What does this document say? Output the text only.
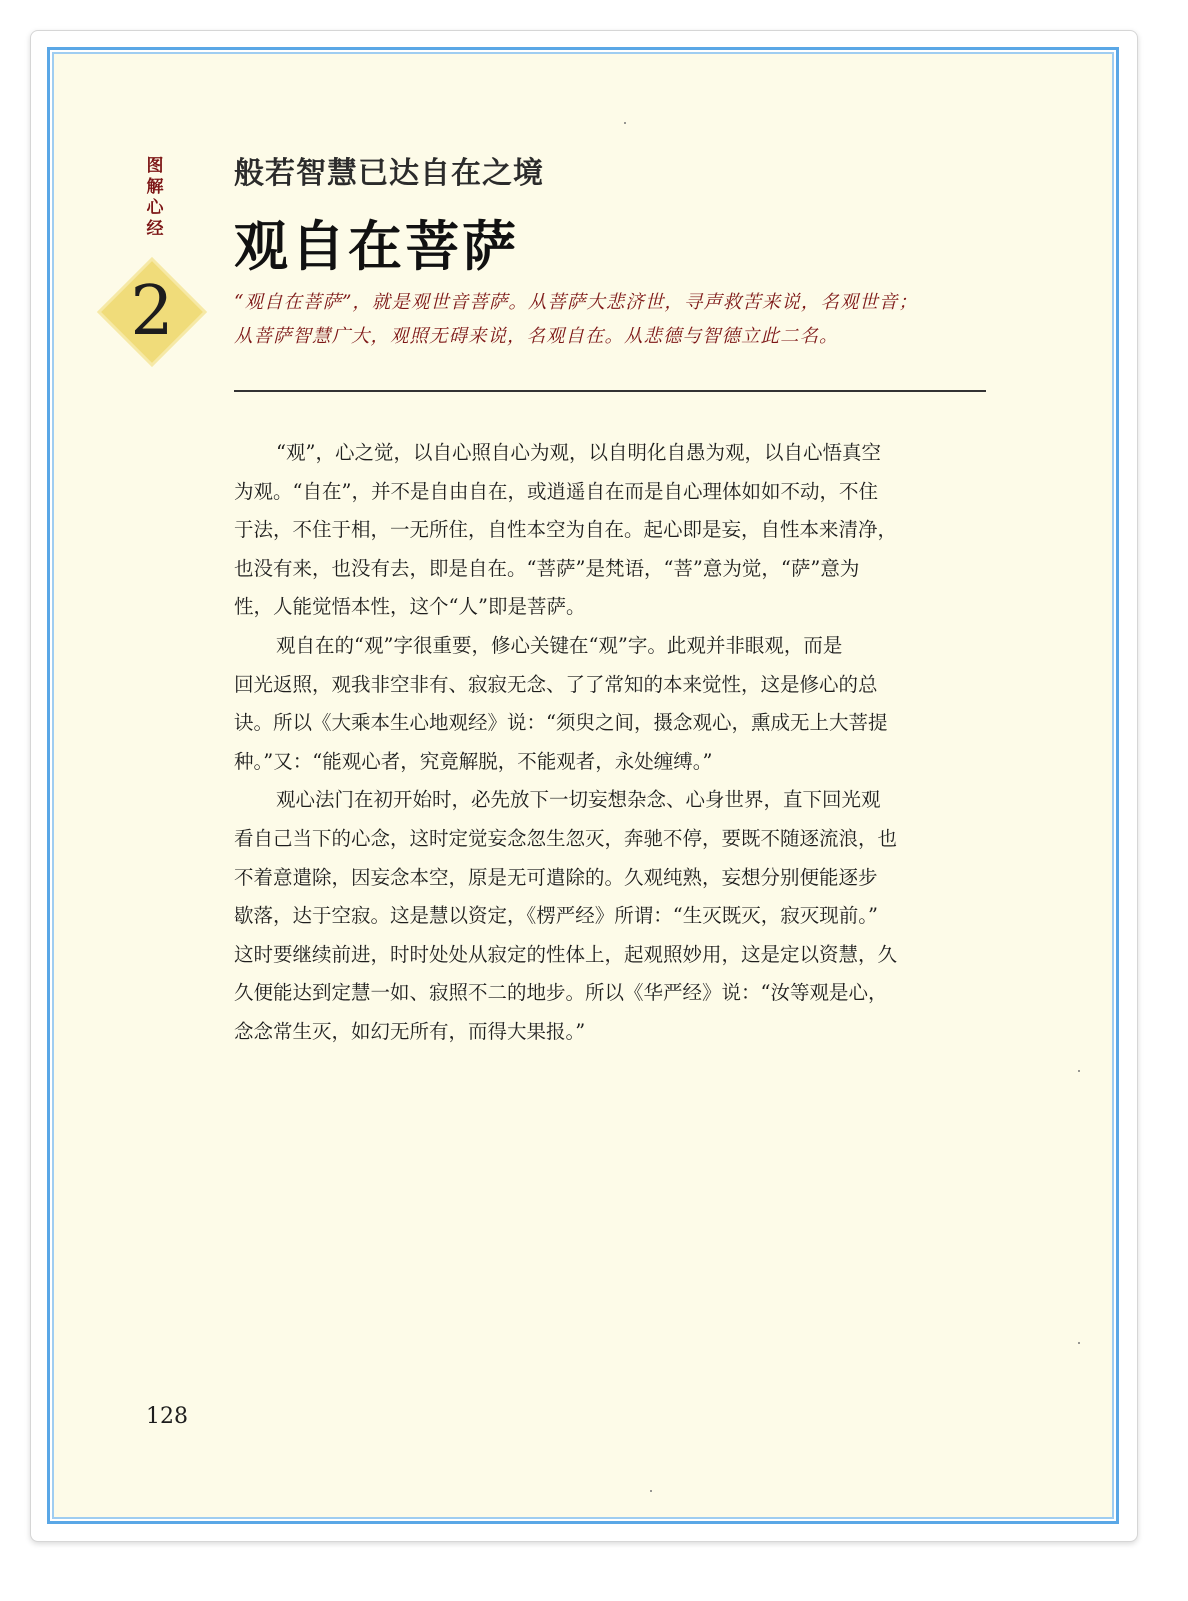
图解心经
2
般若智慧已达自在之境
观自在菩萨
“观自在菩萨”，就是观世音菩萨。从菩萨大悲济世，寻声救苦来说，名观世音；
从菩萨智慧广大，观照无碍来说，名观自在。从悲德与智德立此二名。
“观”，心之觉，以自心照自心为观，以自明化自愚为观，以自心悟真空
为观。“自在”，并不是自由自在，或逍遥自在而是自心理体如如不动，不住
于法，不住于相，一无所住，自性本空为自在。起心即是妄，自性本来清净，
也没有来，也没有去，即是自在。“菩萨”是梵语，“菩”意为觉，“萨”意为
性，人能觉悟本性，这个“人”即是菩萨。
观自在的“观”字很重要，修心关键在“观”字。此观并非眼观，而是
回光返照，观我非空非有、寂寂无念、了了常知的本来觉性，这是修心的总
诀。所以《大乘本生心地观经》说：“须臾之间，摄念观心，熏成无上大菩提
种。”又：“能观心者，究竟解脱，不能观者，永处缠缚。”
观心法门在初开始时，必先放下一切妄想杂念、心身世界，直下回光观
看自己当下的心念，这时定觉妄念忽生忽灭，奔驰不停，要既不随逐流浪，也
不着意遣除，因妄念本空，原是无可遣除的。久观纯熟，妄想分别便能逐步
歇落，达于空寂。这是慧以资定，《楞严经》所谓：“生灭既灭，寂灭现前。”
这时要继续前进，时时处处从寂定的性体上，起观照妙用，这是定以资慧，久
久便能达到定慧一如、寂照不二的地步。所以《华严经》说：“汝等观是心，
念念常生灭，如幻无所有，而得大果报。”
128
